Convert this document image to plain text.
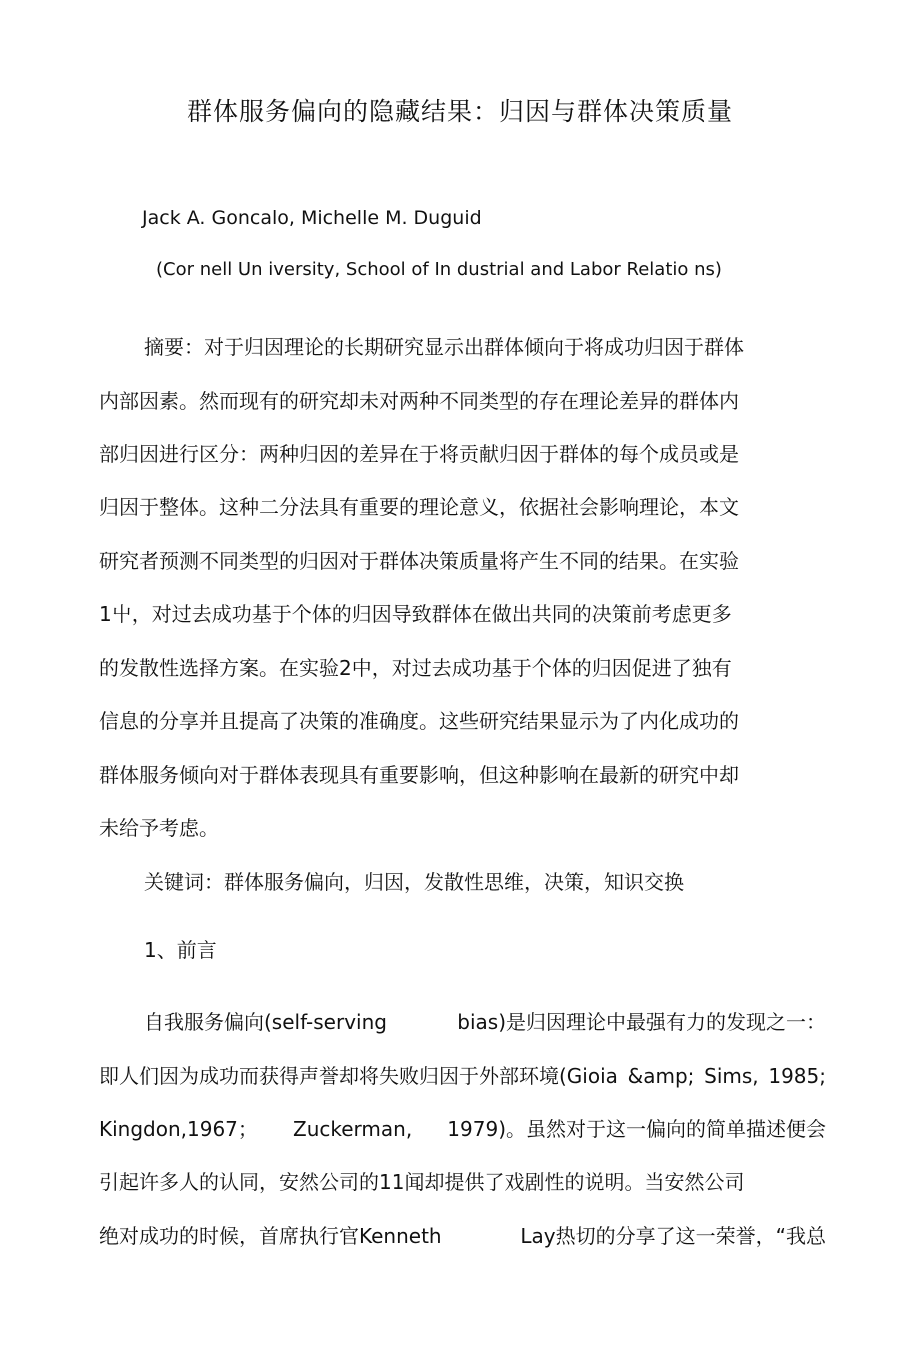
群体服务偏向的隐藏结果：归因与群体决策质量

Jack A. Goncalo, Michelle M. Duguid

(Cor nell Un iversity, School of In dustrial and Labor Relatio ns)

摘要：对于归因理论的长期研究显示出群体倾向于将成功归因于群体

内部因素。然而现有的研究却未对两种不同类型的存在理论差异的群体内

部归因进行区分：两种归因的差异在于将贡献归因于群体的每个成员或是

归因于整体。这种二分法具有重要的理论意义，依据社会影响理论，本文

研究者预测不同类型的归因对于群体决策质量将产生不同的结果。在实验

1屮，对过去成功基于个体的归因导致群体在做出共同的决策前考虑更多

的发散性选择方案。在实验2中，对过去成功基于个体的归因促进了独有

信息的分享并且提高了决策的准确度。这些研究结果显示为了内化成功的

群体服务倾向对于群体表现具有重要影响，但这种影响在最新的研究中却

未给予考虑。

关键词：群体服务偏向，归因，发散性思维，决策，知识交换

1、前言

自我服务偏向(self-serving	bias)是归因理论中最强有力的发现之一：

即人们因为成功而获得声誉却将失败归因于外部环境(Gioia &amp; Sims, 1985;

Kingdon,1967； Zuckerman, 1979)。虽然对于这一偏向的简单描述便会

引起许多人的认同，安然公司的11闻却提供了戏剧性的说明。当安然公司

绝对成功的时候，首席执行官Kenneth	Lay热切的分享了这一荣誉，“我总
